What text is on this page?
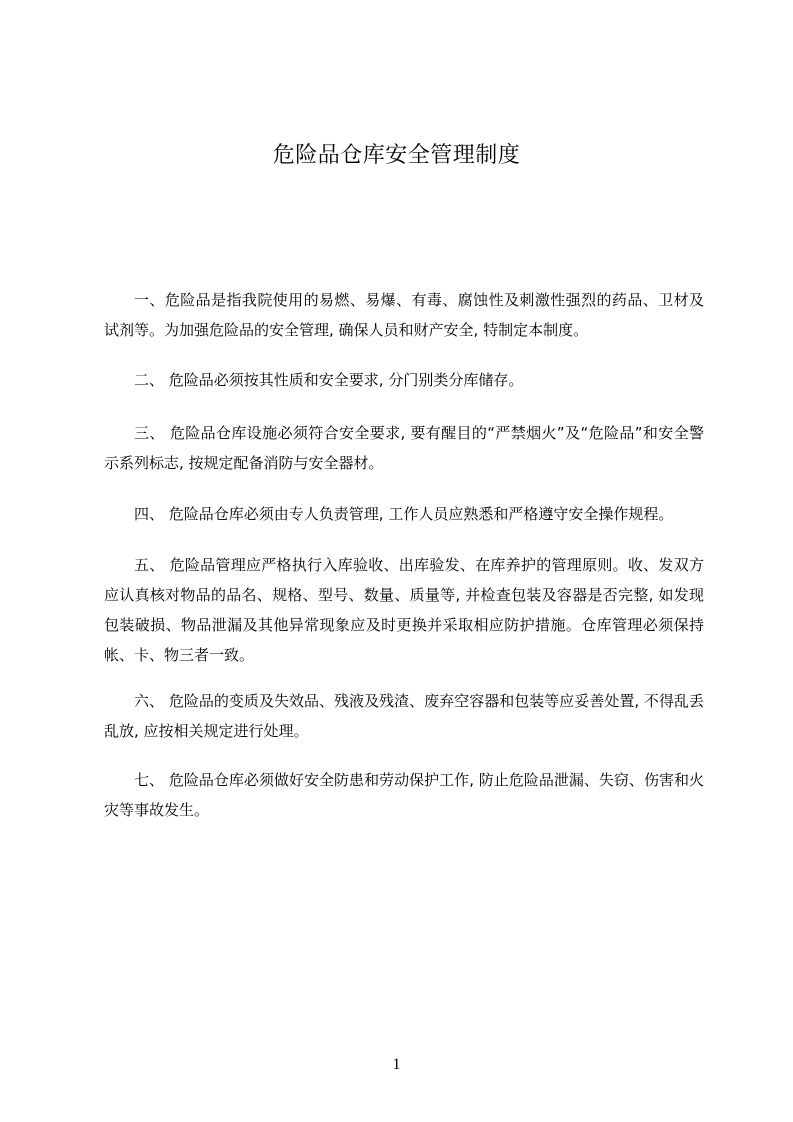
危险品仓库安全管理制度

一、危险品是指我院使用的易燃、易爆、有毒、腐蚀性及刺激性强烈的药品、卫材及试剂等。为加强危险品的安全管理, 确保人员和财产安全, 特制定本制度。

二、 危险品必须按其性质和安全要求, 分门别类分库储存。

三、 危险品仓库设施必须符合安全要求, 要有醒目的“严禁烟火”及“危险品”和安全警示系列标志, 按规定配备消防与安全器材。

四、 危险品仓库必须由专人负责管理, 工作人员应熟悉和严格遵守安全操作规程。

五、 危险品管理应严格执行入库验收、出库验发、在库养护的管理原则。收、发双方应认真核对物品的品名、规格、型号、数量、质量等, 并检查包装及容器是否完整, 如发现包装破损、物品泄漏及其他异常现象应及时更换并采取相应防护措施。仓库管理必须保持帐、卡、物三者一致。

六、 危险品的变质及失效品、残液及残渣、废弃空容器和包装等应妥善处置, 不得乱丢乱放, 应按相关规定进行处理。

七、 危险品仓库必须做好安全防患和劳动保护工作, 防止危险品泄漏、失窃、伤害和火灾等事故发生。

1
